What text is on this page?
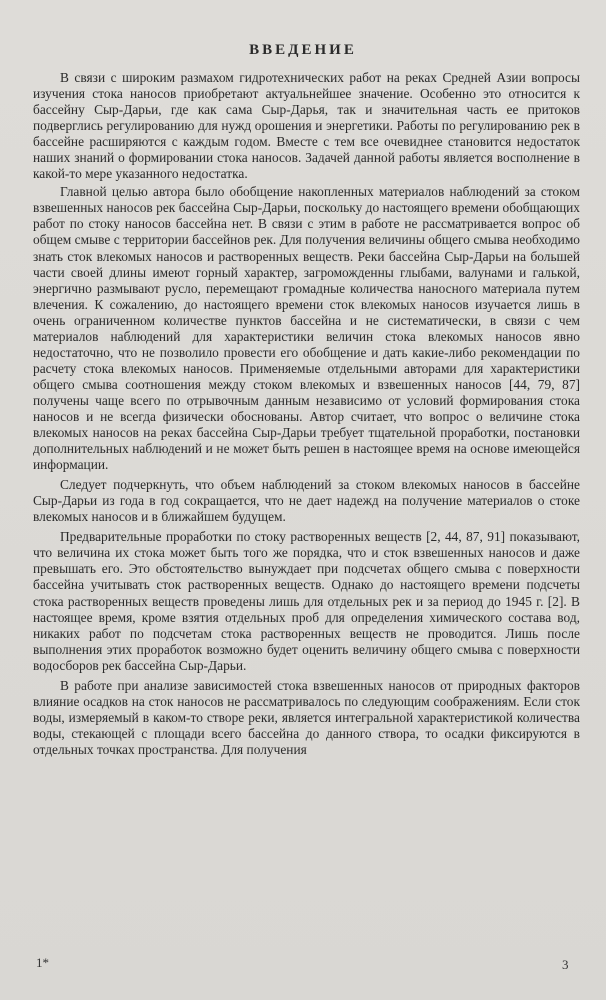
ВВЕДЕНИЕ

В связи с широким размахом гидротехнических работ на реках Средней Азии вопросы изучения стока наносов приобретают актуальнейшее значение. Особенно это относится к бассейну Сыр-Дарьи, где как сама Сыр-Дарья, так и значительная часть ее притоков подверглись регулированию для нужд орошения и энергетики. Работы по регулированию рек в бассейне расширяются с каждым годом. Вместе с тем все очевиднее становится недостаток наших знаний о формировании стока наносов. Задачей данной работы является восполнение в какой-то мере указанного недостатка.

Главной целью автора было обобщение накопленных материалов наблюдений за стоком взвешенных наносов рек бассейна Сыр-Дарьи, поскольку до настоящего времени обобщающих работ по стоку наносов бассейна нет. В связи с этим в работе не рассматривается вопрос об общем смыве с территории бассейнов рек. Для получения величины общего смыва необходимо знать сток влекомых наносов и растворенных веществ. Реки бассейна Сыр-Дарьи на большей части своей длины имеют горный характер, загроможденны глыбами, валунами и галькой, энергично размывают русло, перемещают громадные количества наносного материала путем влечения. К сожалению, до настоящего времени сток влекомых наносов изучается лишь в очень ограниченном количестве пунктов бассейна и не систематически, в связи с чем материалов наблюдений для характеристики величин стока влекомых наносов явно недостаточно, что не позволило провести его обобщение и дать какие-либо рекомендации по расчету стока влекомых наносов. Применяемые отдельными авторами для характеристики общего смыва соотношения между стоком влекомых и взвешенных наносов [44, 79, 87] получены чаще всего по отрывочным данным независимо от условий формирования стока наносов и не всегда физически обоснованы. Автор считает, что вопрос о величине стока влекомых наносов на реках бассейна Сыр-Дарьи требует тщательной проработки, постановки дополнительных наблюдений и не может быть решен в настоящее время на основе имеющейся информации.

Следует подчеркнуть, что объем наблюдений за стоком влекомых наносов в бассейне Сыр-Дарьи из года в год сокращается, что не дает надежд на получение материалов о стоке влекомых наносов и в ближайшем будущем.

Предварительные проработки по стоку растворенных веществ [2, 44, 87, 91] показывают, что величина их стока может быть того же порядка, что и сток взвешенных наносов и даже превышать его. Это обстоятельство вынуждает при подсчетах общего смыва с поверхности бассейна учитывать сток растворенных веществ. Однако до настоящего времени подсчеты стока растворенных веществ проведены лишь для отдельных рек и за период до 1945 г. [2]. В настоящее время, кроме взятия отдельных проб для определения химического состава вод, никаких работ по подсчетам стока растворенных веществ не проводится. Лишь после выполнения этих проработок возможно будет оценить величину общего смыва с поверхности водосборов рек бассейна Сыр-Дарьи.

В работе при анализе зависимостей стока взвешенных наносов от природных факторов влияние осадков на сток наносов не рассматривалось по следующим соображениям. Если сток воды, измеряемый в каком-то створе реки, является интегральной характеристикой количества воды, стекающей с площади всего бассейна до данного створа, то осадки фиксируются в отдельных точках пространства. Для получения

1*	3
